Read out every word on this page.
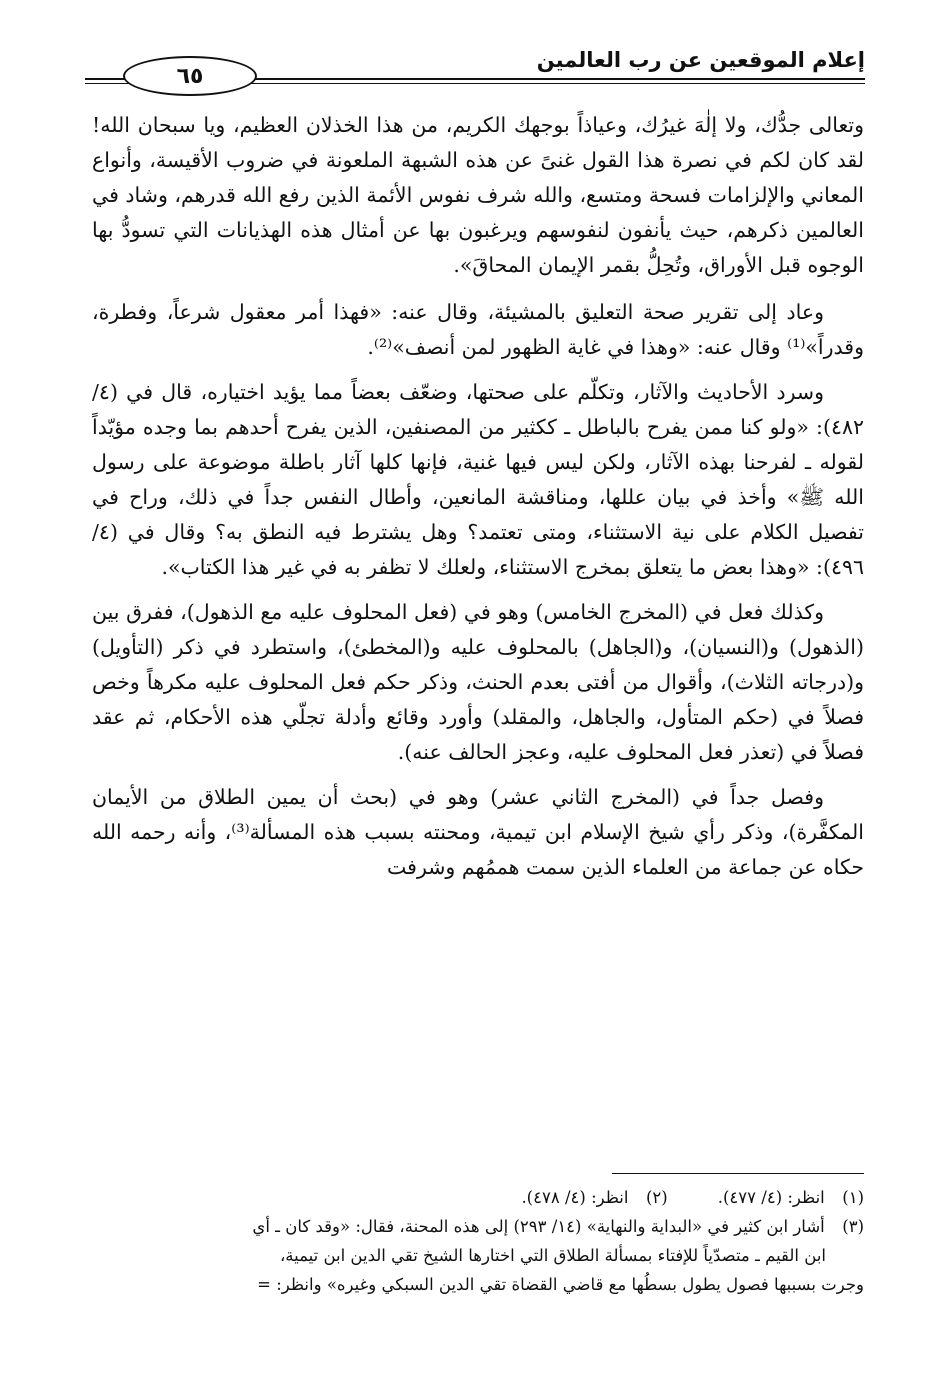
إعلام الموقعين عن رب العالمين
٦٥

وتعالى جدُّك، ولا إلٰهَ غيرُك، وعياذاً بوجهك الكريم، من هذا الخذلان العظيم، ويا سبحان الله! لقد كان لكم في نصرة هذا القول غنىً عن هذه الشبهة الملعونة في ضروب الأقيسة، وأنواع المعاني والإلزامات فسحة ومتسع، والله شرف نفوس الأئمة الذين رفع الله قدرهم، وشاد في العالمين ذكرهم، حيث يأنفون لنفوسهم ويرغبون بها عن أمثال هذه الهذيانات التي تسودُّ بها الوجوه قبل الأوراق، وتُحِلُّ بقمر الإيمان المحاقَ».

وعاد إلى تقرير صحة التعليق بالمشيئة، وقال عنه: «فهذا أمر معقول شرعاً، وفطرة، وقدراً»⁽¹⁾ وقال عنه: «وهذا في غاية الظهور لمن أنصف»⁽²⁾.

وسرد الأحاديث والآثار، وتكلّم على صحتها، وضعّف بعضاً مما يؤيد اختياره، قال في (٤/ ٤٨٢): «ولو كنا ممن يفرح بالباطل ـ ككثير من المصنفين، الذين يفرح أحدهم بما وجده مؤيّداً لقوله ـ لفرحنا بهذه الآثار، ولكن ليس فيها غنية، فإنها كلها آثار باطلة موضوعة على رسول الله ﷺ» وأخذ في بيان عللها، ومناقشة المانعين، وأطال النفس جداً في ذلك، وراح في تفصيل الكلام على نية الاستثناء، ومتى تعتمد؟ وهل يشترط فيه النطق به؟ وقال في (٤/ ٤٩٦): «وهذا بعض ما يتعلق بمخرج الاستثناء، ولعلك لا تظفر به في غير هذا الكتاب».

وكذلك فعل في (المخرج الخامس) وهو في (فعل المحلوف عليه مع الذهول)، ففرق بين (الذهول) و(النسيان)، و(الجاهل) بالمحلوف عليه و(المخطئ)، واستطرد في ذكر (التأويل) و(درجاته الثلاث)، وأقوال من أفتى بعدم الحنث، وذكر حكم فعل المحلوف عليه مكرهاً وخص فصلاً في (حكم المتأول، والجاهل، والمقلد) وأورد وقائع وأدلة تجلّي هذه الأحكام، ثم عقد فصلاً في (تعذر فعل المحلوف عليه، وعجز الحالف عنه).

وفصل جداً في (المخرج الثاني عشر) وهو في (بحث أن يمين الطلاق من الأيمان المكفَّرة)، وذكر رأي شيخ الإسلام ابن تيمية، ومحنته بسبب هذه المسألة⁽³⁾، وأنه رحمه الله حكاه عن جماعة من العلماء الذين سمت هممُهم وشرفت

(١) انظر: (٤/ ٤٧٧).
(٢) انظر: (٤/ ٤٧٨).

(٣) أشار ابن كثير في «البداية والنهاية» (١٤/ ٢٩٣) إلى هذه المحنة، فقال: «وقد كان ـ أي

ابن القيم ـ متصدّياً للإفتاء بمسألة الطلاق التي اختارها الشيخ تقي الدين ابن تيمية،

وجرت بسببها فصول يطول بسطُها مع قاضي القضاة تقي الدين السبكي وغيره» وانظر: =
